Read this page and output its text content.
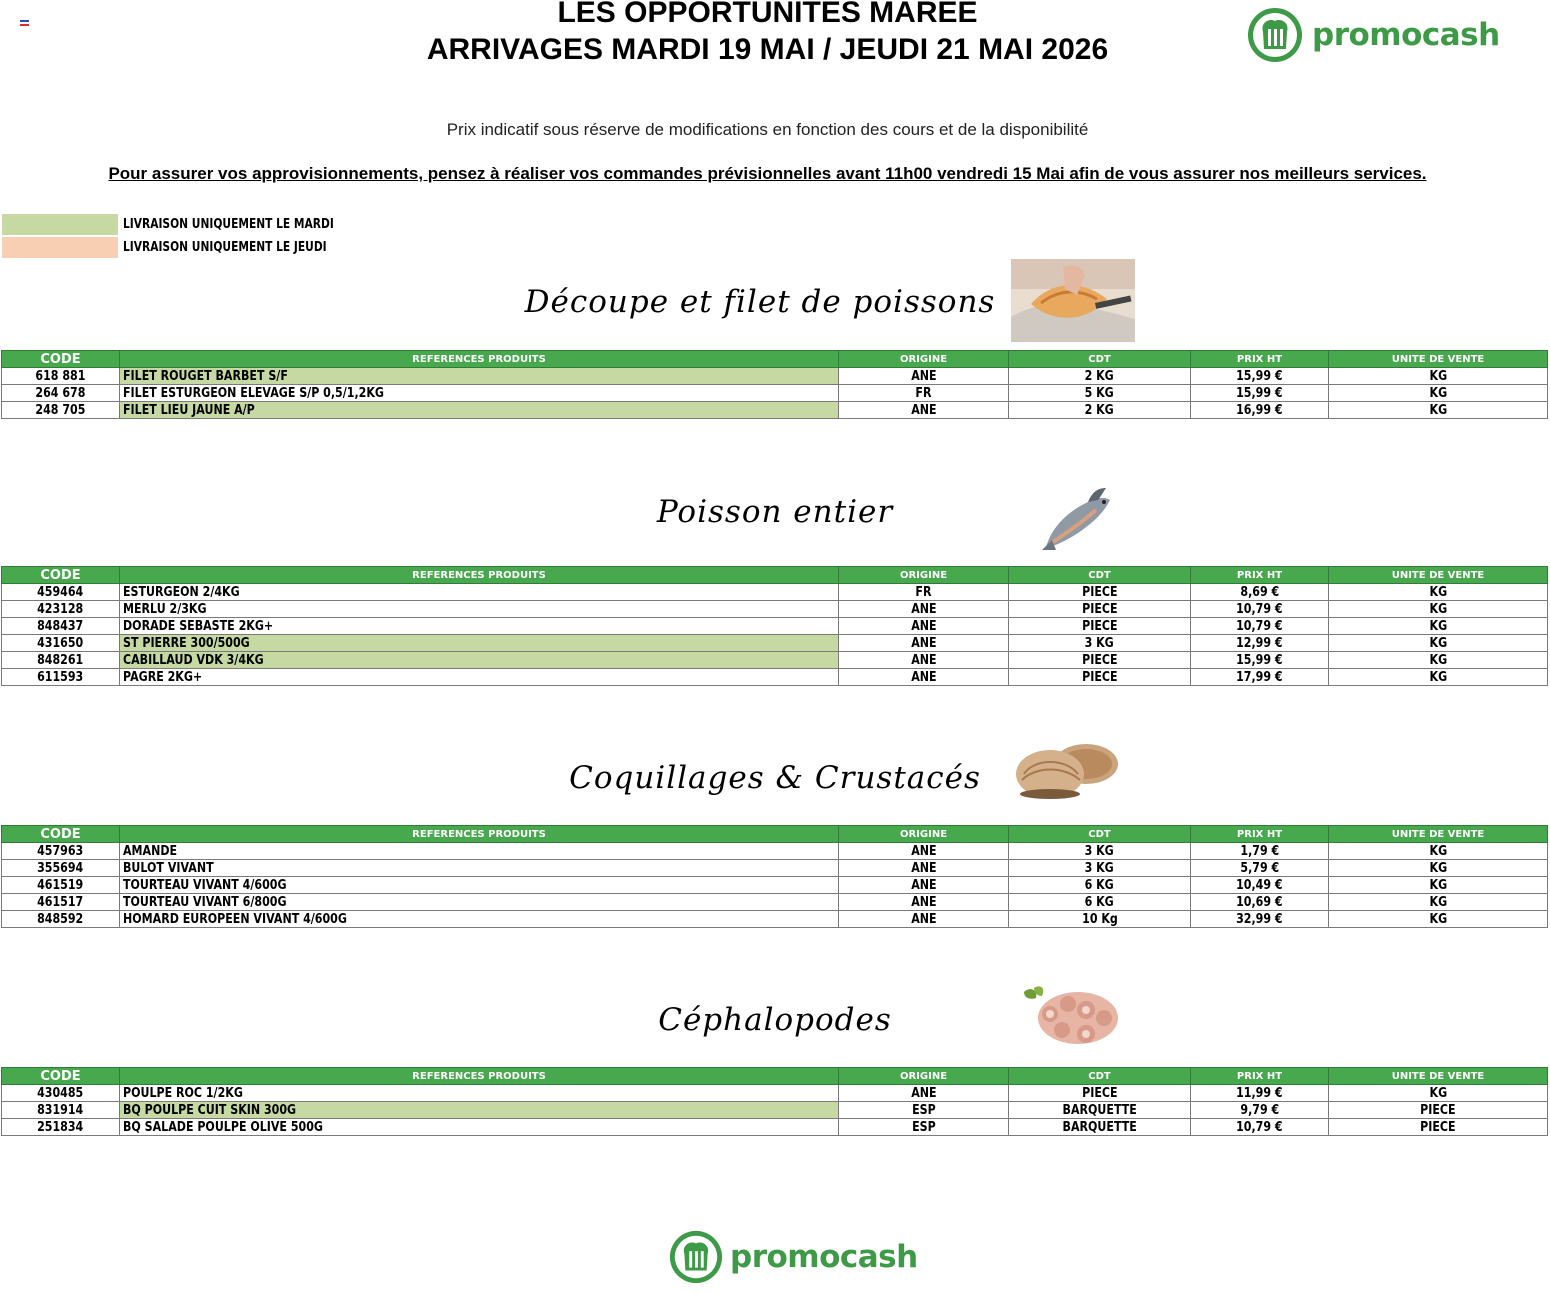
LES OPPORTUNITES MAREE
ARRIVAGES MARDI 19 MAI / JEUDI 21 MAI 2026	promocash
Prix indicatif sous réserve de modifications en fonction des cours et de la disponibilité
Pour assurer vos approvisionnements, pensez à réaliser vos commandes prévisionnelles avant 11h00 vendredi 15 Mai afin de vous assurer nos meilleurs services.
LIVRAISON UNIQUEMENT LE MARDI
LIVRAISON UNIQUEMENT LE JEUDI
Découpe et filet de poissons
CODE	REFERENCES PRODUITS	ORIGINE	CDT	PRIX HT	UNITE DE VENTE
618 881	FILET ROUGET BARBET S/F	ANE	2 KG	15,99 €	KG
264 678	FILET ESTURGEON ELEVAGE S/P 0,5/1,2KG	FR	5 KG	15,99 €	KG
248 705	FILET LIEU JAUNE A/P	ANE	2 KG	16,99 €	KG
Poisson entier
CODE	REFERENCES PRODUITS	ORIGINE	CDT	PRIX HT	UNITE DE VENTE
459464	ESTURGEON 2/4KG	FR	PIECE	8,69 €	KG
423128	MERLU 2/3KG	ANE	PIECE	10,79 €	KG
848437	DORADE SEBASTE 2KG+	ANE	PIECE	10,79 €	KG
431650	ST PIERRE 300/500G	ANE	3 KG	12,99 €	KG
848261	CABILLAUD VDK 3/4KG	ANE	PIECE	15,99 €	KG
611593	PAGRE 2KG+	ANE	PIECE	17,99 €	KG
Coquillages & Crustacés
CODE	REFERENCES PRODUITS	ORIGINE	CDT	PRIX HT	UNITE DE VENTE
457963	AMANDE	ANE	3 KG	1,79 €	KG
355694	BULOT VIVANT	ANE	3 KG	5,79 €	KG
461519	TOURTEAU VIVANT 4/600G	ANE	6 KG	10,49 €	KG
461517	TOURTEAU VIVANT 6/800G	ANE	6 KG	10,69 €	KG
848592	HOMARD EUROPEEN VIVANT 4/600G	ANE	10 Kg	32,99 €	KG
Céphalopodes
CODE	REFERENCES PRODUITS	ORIGINE	CDT	PRIX HT	UNITE DE VENTE
430485	POULPE ROC 1/2KG	ANE	PIECE	11,99 €	KG
831914	BQ POULPE CUIT SKIN 300G	ESP	BARQUETTE	9,79 €	PIECE
251834	BQ SALADE POULPE OLIVE 500G	ESP	BARQUETTE	10,79 €	PIECE
promocash
